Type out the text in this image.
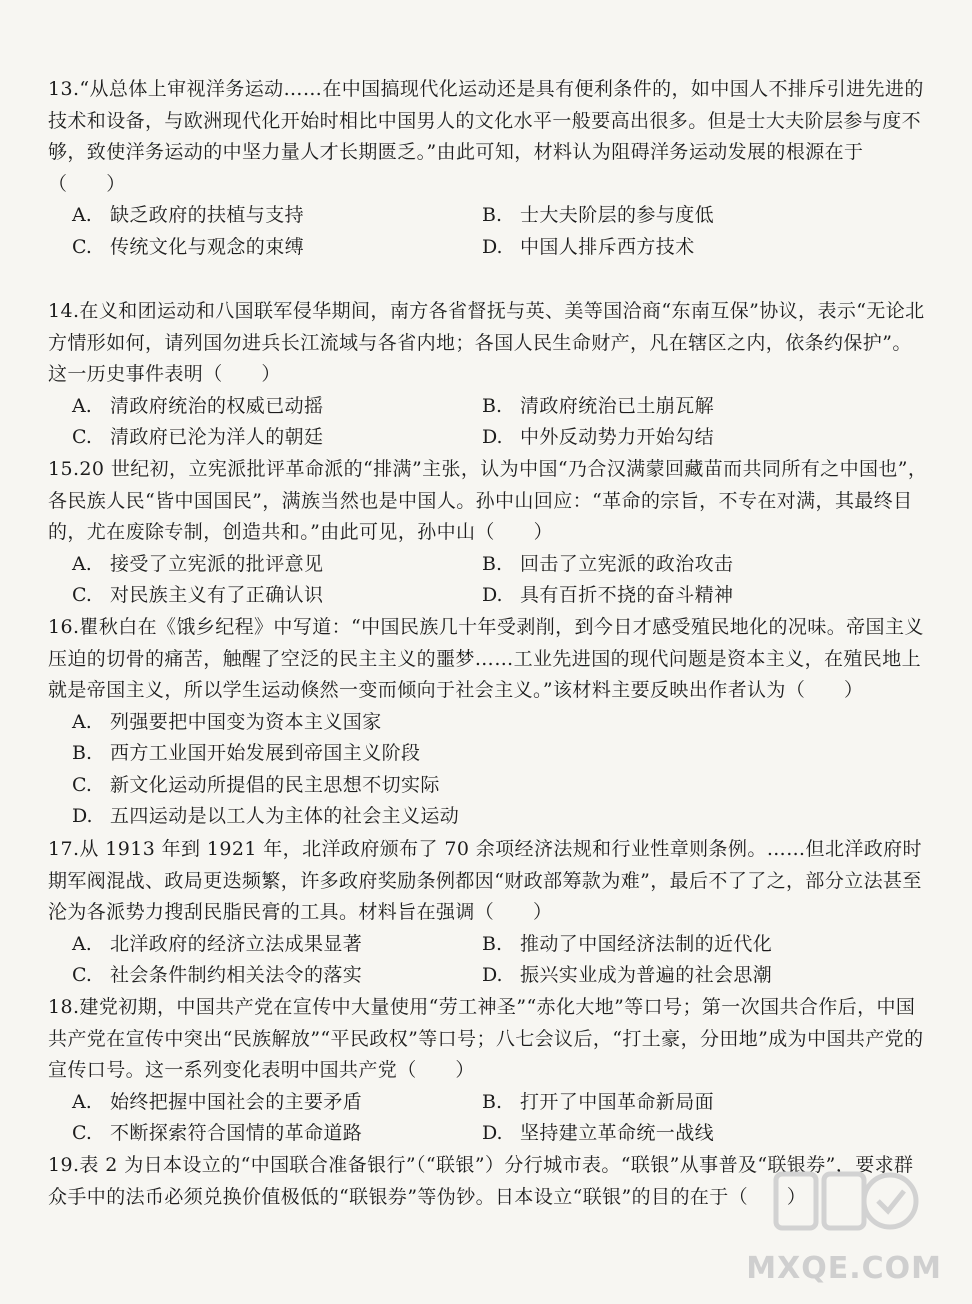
13.“从总体上审视洋务运动……在中国搞现代化运动还是具有便利条件的，如中国人不排斥引进先进的技术和设备，与欧洲现代化开始时相比中国男人的文化水平一般要高出很多。但是士大夫阶层参与度不够，致使洋务运动的中坚力量人才长期匮乏。”由此可知，材料认为阻碍洋务运动发展的根源在于（　　）

A. 缺乏政府的扶植与支持	B. 士大夫阶层的参与度低
C. 传统文化与观念的束缚	D. 中国人排斥西方技术

14.在义和团运动和八国联军侵华期间，南方各省督抚与英、美等国洽商“东南互保”协议，表示“无论北方情形如何，请列国勿进兵长江流域与各省内地；各国人民生命财产，凡在辖区之内，依条约保护”。这一历史事件表明（　　）

A. 清政府统治的权威已动摇	B. 清政府统治已土崩瓦解
C. 清政府已沦为洋人的朝廷	D. 中外反动势力开始勾结

15.20 世纪初，立宪派批评革命派的“排满”主张，认为中国“乃合汉满蒙回藏苗而共同所有之中国也”，各民族人民“皆中国国民”，满族当然也是中国人。孙中山回应：“革命的宗旨，不专在对满，其最终目的，尤在废除专制，创造共和。”由此可见，孙中山（　　）

A. 接受了立宪派的批评意见	B. 回击了立宪派的政治攻击
C. 对民族主义有了正确认识	D. 具有百折不挠的奋斗精神

16.瞿秋白在《饿乡纪程》中写道：“中国民族几十年受剥削，到今日才感受殖民地化的况味。帝国主义压迫的切骨的痛苦，触醒了空泛的民主主义的噩梦……工业先进国的现代问题是资本主义，在殖民地上就是帝国主义，所以学生运动倏然一变而倾向于社会主义。”该材料主要反映出作者认为（　　）

A. 列强要把中国变为资本主义国家
B. 西方工业国开始发展到帝国主义阶段
C. 新文化运动所提倡的民主思想不切实际
D. 五四运动是以工人为主体的社会主义运动

17.从 1913 年到 1921 年，北洋政府颁布了 70 余项经济法规和行业性章则条例。……但北洋政府时期军阀混战、政局更迭频繁，许多政府奖励条例都因“财政部筹款为难”，最后不了了之，部分立法甚至沦为各派势力搜刮民脂民膏的工具。材料旨在强调（　　）

A. 北洋政府的经济立法成果显著	B. 推动了中国经济法制的近代化
C. 社会条件制约相关法令的落实	D. 振兴实业成为普遍的社会思潮

18.建党初期，中国共产党在宣传中大量使用“劳工神圣”“赤化大地”等口号；第一次国共合作后，中国共产党在宣传中突出“民族解放”“平民政权”等口号；八七会议后，“打土豪，分田地”成为中国共产党的宣传口号。这一系列变化表明中国共产党（　　）

A. 始终把握中国社会的主要矛盾	B. 打开了中国革命新局面
C. 不断探索符合国情的革命道路	D. 坚持建立革命统一战线

19.表 2 为日本设立的“中国联合准备银行”（“联银”）分行城市表。“联银”从事普及“联银券”，要求群众手中的法币必须兑换价值极低的“联银券”等伪钞。日本设立“联银”的目的在于（　　）

MXQE.COM
